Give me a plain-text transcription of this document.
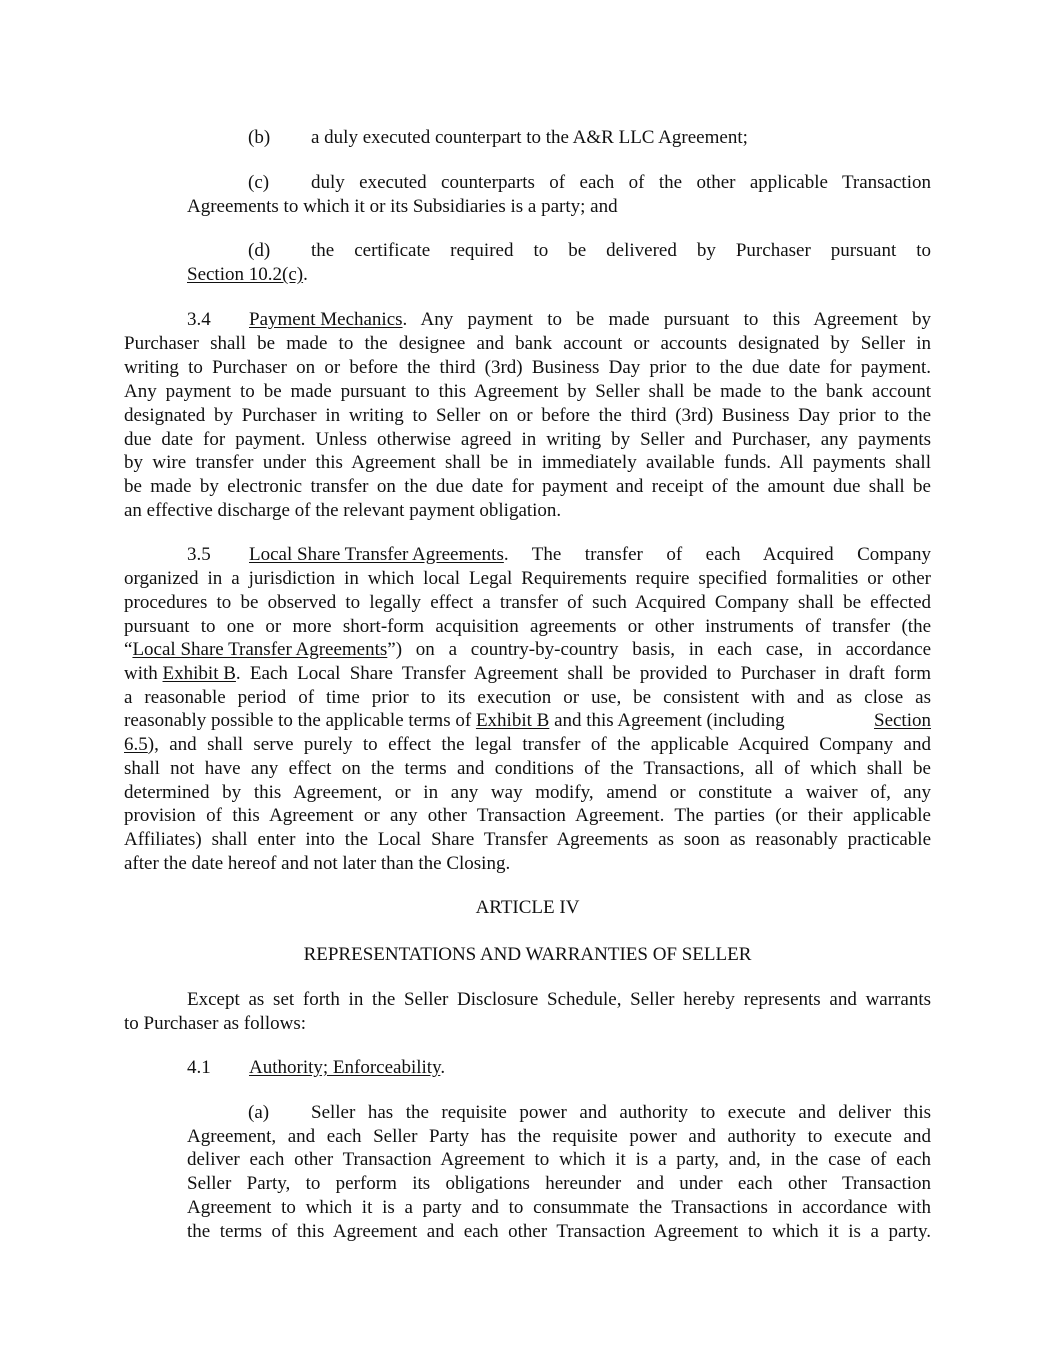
(b) a duly executed counterpart to the A&R LLC Agreement;
(c) duly executed counterparts of each of the other applicable Transaction
Agreements to which it or its Subsidiaries is a party; and
(d) the certificate required to be delivered by Purchaser pursuant to
Section 10.2(c).
3.4 Payment Mechanics . Any payment to be made pursuant to this Agreement by
Purchaser shall be made to the designee and bank account or accounts designated by Seller in
writing to Purchaser on or before the third (3rd) Business Day prior to the due date for payment.
Any payment to be made pursuant to this Agreement by Seller shall be made to the bank account
designated by Purchaser in writing to Seller on or before the third (3rd) Business Day prior to the
due date for payment. Unless otherwise agreed in writing by Seller and Purchaser, any payments
by wire transfer under this Agreement shall be in immediately available funds. All payments shall
be made by electronic transfer on the due date for payment and receipt of the amount due shall be
an effective discharge of the relevant payment obligation.
3.5 Local Share Transfer Agreements . The transfer of each Acquired Company
organized in a jurisdiction in which local Legal Requirements require specified formalities or other
procedures to be observed to legally effect a transfer of such Acquired Company shall be effected
pursuant to one or more short-form acquisition agreements or other instruments of transfer (the
“ Local Share Transfer Agreements ”) on a country-by-country basis, in each case, in accordance
with Exhibit B . Each Local Share Transfer Agreement shall be provided to Purchaser in draft form
a reasonable period of time prior to its execution or use, be consistent with and as close as
reasonably possible to the applicable terms of Exhibit B and this Agreement (including	Section
6.5 ), and shall serve purely to effect the legal transfer of the applicable Acquired Company and
shall not have any effect on the terms and conditions of the Transactions, all of which shall be
determined by this Agreement, or in any way modify, amend or constitute a waiver of, any
provision of this Agreement or any other Transaction Agreement. The parties (or their applicable
Affiliates) shall enter into the Local Share Transfer Agreements as soon as reasonably practicable
after the date hereof and not later than the Closing.
ARTICLE IV
REPRESENTATIONS AND WARRANTIES OF SELLER
Except as set forth in the Seller Disclosure Schedule, Seller hereby represents and warrants
to Purchaser as follows:
4.1 Authority; Enforceability.
(a) Seller has the requisite power and authority to execute and deliver this
Agreement, and each Seller Party has the requisite power and authority to execute and
deliver each other Transaction Agreement to which it is a party, and, in the case of each
Seller Party, to perform its obligations hereunder and under each other Transaction
Agreement to which it is a party and to consummate the Transactions in accordance with
the terms of this Agreement and each other Transaction Agreement to which it is a party.
